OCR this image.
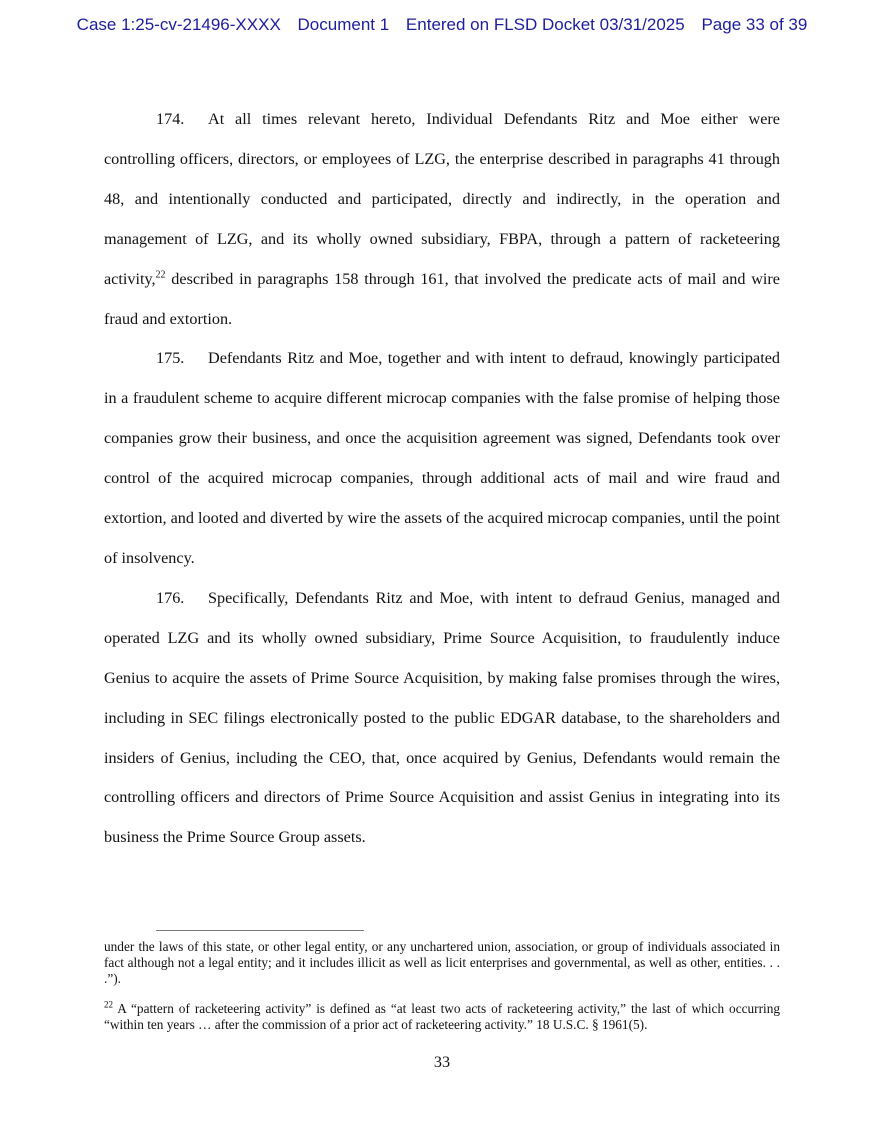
Case 1:25-cv-21496-XXXX Document 1 Entered on FLSD Docket 03/31/2025 Page 33 of 39

174. At all times relevant hereto, Individual Defendants Ritz and Moe either were controlling officers, directors, or employees of LZG, the enterprise described in paragraphs 41 through 48, and intentionally conducted and participated, directly and indirectly, in the operation and management of LZG, and its wholly owned subsidiary, FBPA, through a pattern of racketeering activity,$^{22}$ described in paragraphs 158 through 161, that involved the predicate acts of mail and wire fraud and extortion.

175. Defendants Ritz and Moe, together and with intent to defraud, knowingly participated in a fraudulent scheme to acquire different microcap companies with the false promise of helping those companies grow their business, and once the acquisition agreement was signed, Defendants took over control of the acquired microcap companies, through additional acts of mail and wire fraud and extortion, and looted and diverted by wire the assets of the acquired microcap companies, until the point of insolvency.

176. Specifically, Defendants Ritz and Moe, with intent to defraud Genius, managed and operated LZG and its wholly owned subsidiary, Prime Source Acquisition, to fraudulently induce Genius to acquire the assets of Prime Source Acquisition, by making false promises through the wires, including in SEC filings electronically posted to the public EDGAR database, to the shareholders and insiders of Genius, including the CEO, that, once acquired by Genius, Defendants would remain the controlling officers and directors of Prime Source Acquisition and assist Genius in integrating into its business the Prime Source Group assets.

under the laws of this state, or other legal entity, or any unchartered union, association, or group of individuals associated in fact although not a legal entity; and it includes illicit as well as licit enterprises and governmental, as well as other, entities. . . .”).

$^{22}$ A “pattern of racketeering activity” is defined as “at least two acts of racketeering activity,” the last of which occurring “within ten years … after the commission of a prior act of racketeering activity.” 18 U.S.C. § 1961(5).

33
